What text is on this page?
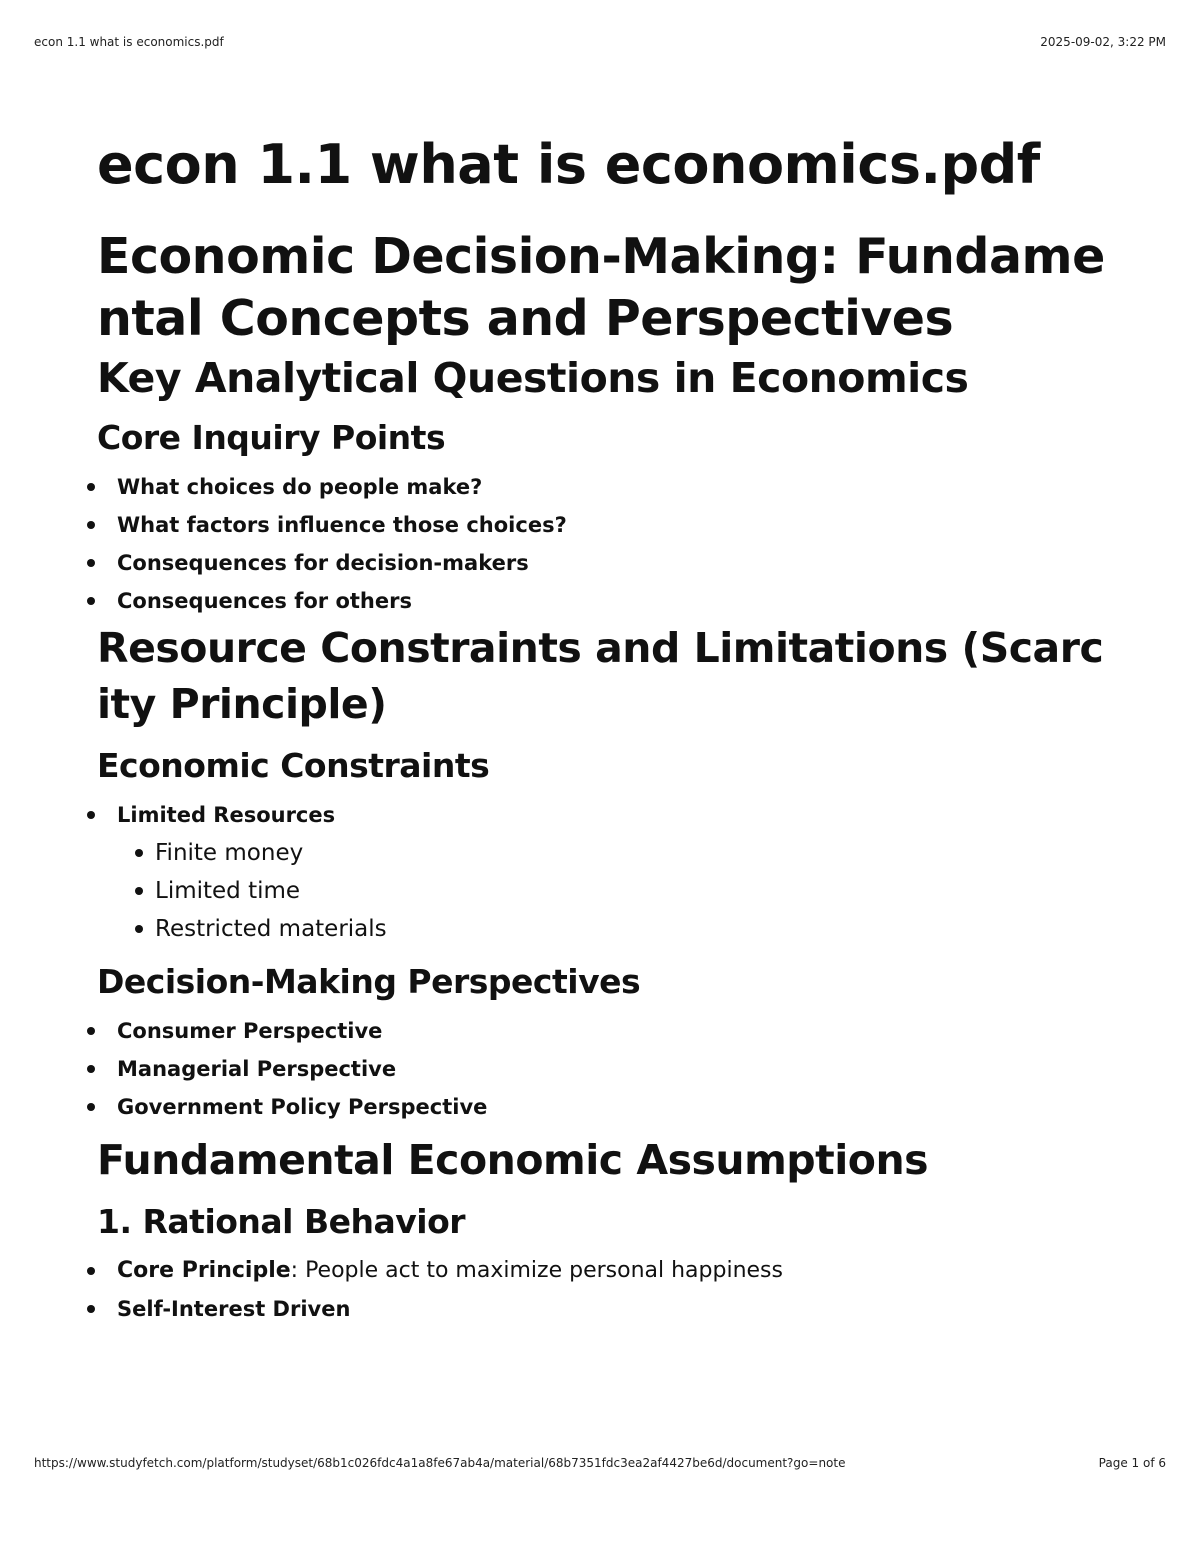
econ 1.1 what is economics.pdf	2025-09-02, 3:22 PM
econ 1.1 what is economics.pdf
Economic Decision-Making: Fundamental Concepts and Perspectives
Key Analytical Questions in Economics
Core Inquiry Points
What choices do people make?
What factors influence those choices?
Consequences for decision-makers
Consequences for others
Resource Constraints and Limitations (Scarcity Principle)
Economic Constraints
Limited Resources
Finite money
Limited time
Restricted materials
Decision-Making Perspectives
Consumer Perspective
Managerial Perspective
Government Policy Perspective
Fundamental Economic Assumptions
1. Rational Behavior
Core Principle: People act to maximize personal happiness
Self-Interest Driven
https://www.studyfetch.com/platform/studyset/68b1c026fdc4a1a8fe67ab4a/material/68b7351fdc3ea2af4427be6d/document?go=note	Page 1 of 6
